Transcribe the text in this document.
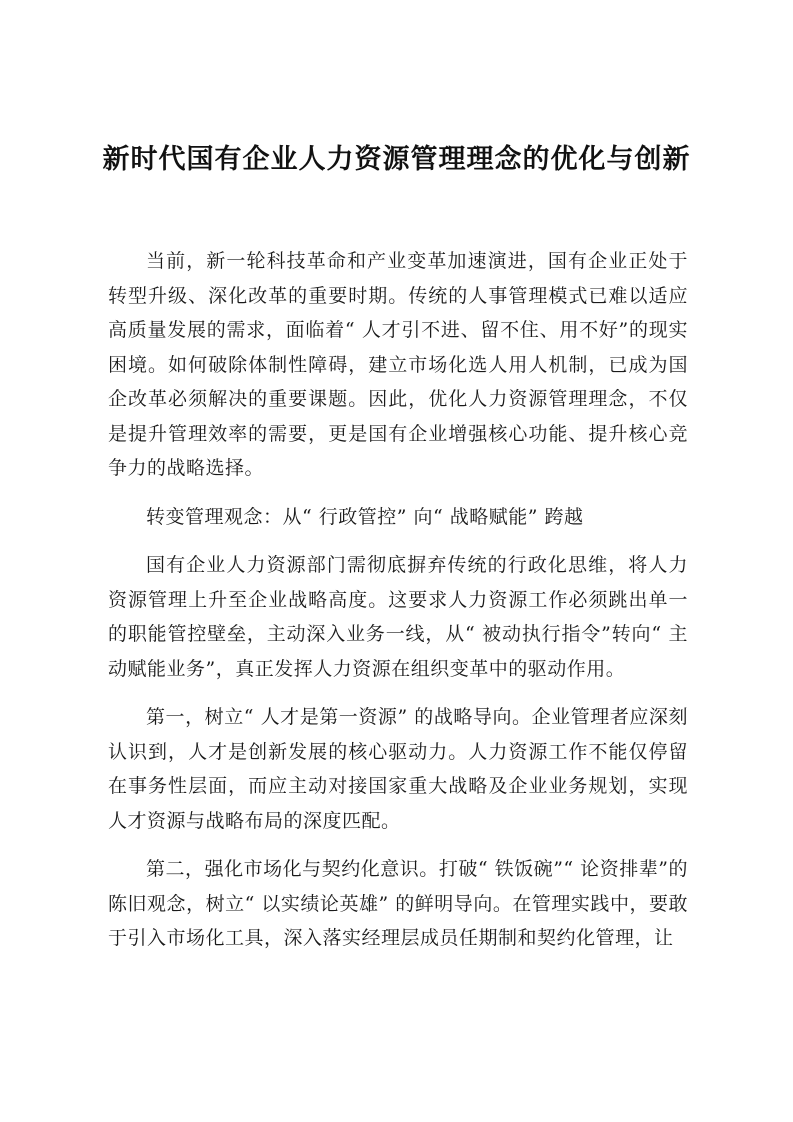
新时代国有企业人力资源管理理念的优化与创新

当前，新一轮科技革命和产业变革加速演进，国有企业正处于转型升级、深化改革的重要时期。传统的人事管理模式已难以适应高质量发展的需求，面临着“ 人才引不进、留不住、用不好”的现实困境。如何破除体制性障碍，建立市场化选人用人机制，已成为国企改革必须解决的重要课题。因此，优化人力资源管理理念，不仅是提升管理效率的需要，更是国有企业增强核心功能、提升核心竞争力的战略选择。

转变管理观念：从“ 行政管控” 向“ 战略赋能” 跨越

国有企业人力资源部门需彻底摒弃传统的行政化思维，将人力资源管理上升至企业战略高度。这要求人力资源工作必须跳出单一的职能管控壁垒，主动深入业务一线，从“ 被动执行指令”转向“ 主动赋能业务”，真正发挥人力资源在组织变革中的驱动作用。

第一，树立“ 人才是第一资源” 的战略导向。企业管理者应深刻认识到，人才是创新发展的核心驱动力。人力资源工作不能仅停留在事务性层面，而应主动对接国家重大战略及企业业务规划，实现人才资源与战略布局的深度匹配。

第二，强化市场化与契约化意识。打破“ 铁饭碗”“ 论资排辈”的陈旧观念，树立“ 以实绩论英雄” 的鲜明导向。在管理实践中，要敢于引入市场化工具，深入落实经理层成员任期制和契约化管理，让
